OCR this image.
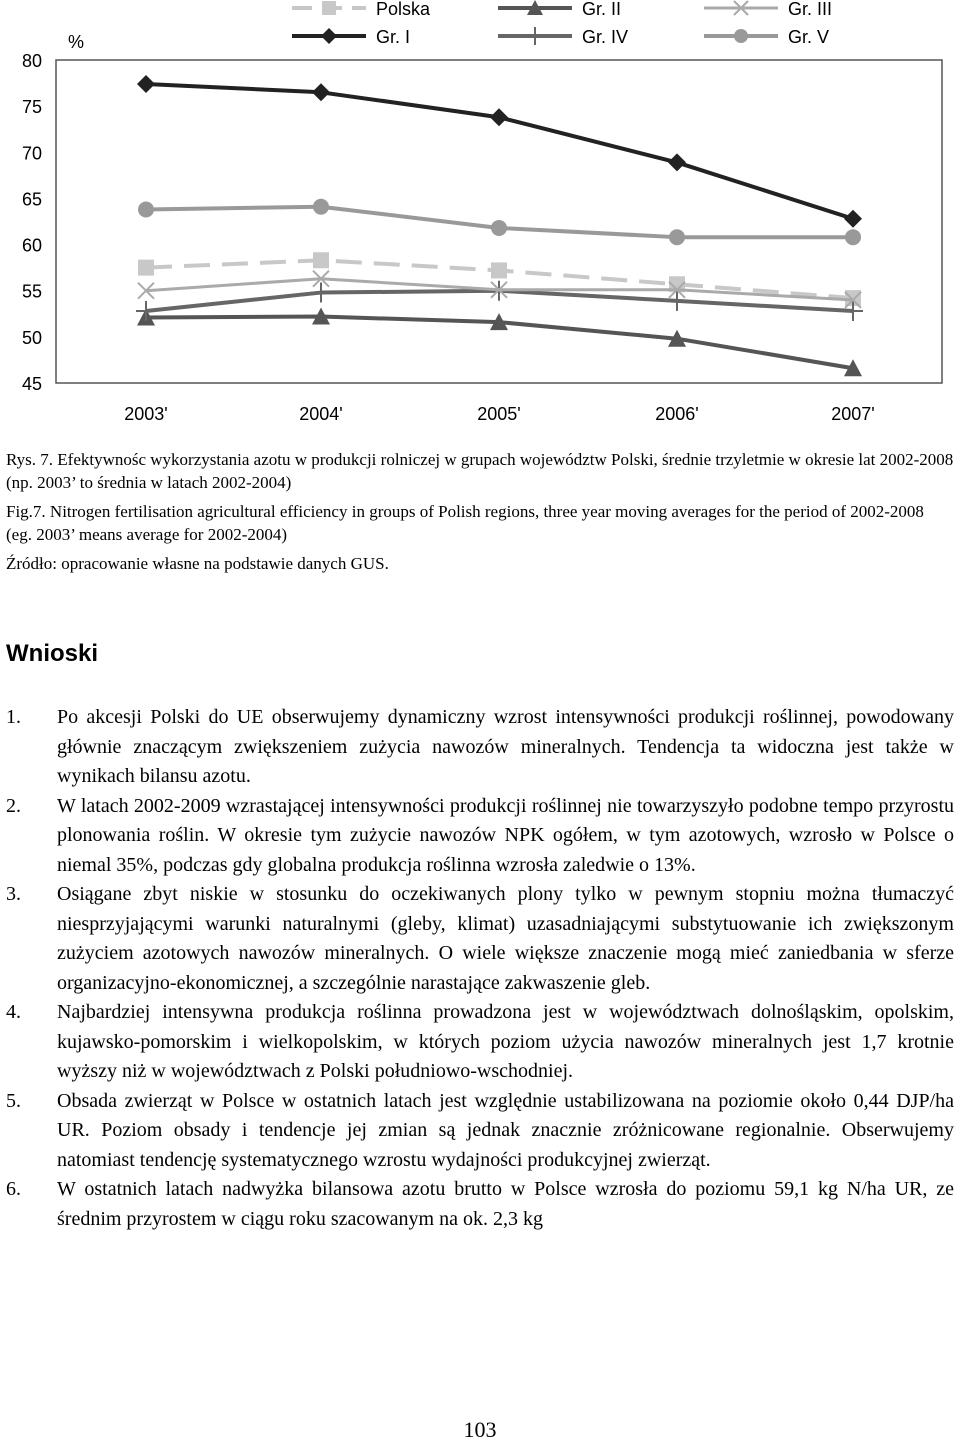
45
50
55
60
65
70
75
80
2003'	2004'	2005'	2006'	2007'
%
Polska	Gr. II	Gr. III
Gr. I	Gr. IV	Gr. V

Rys. 7. Efektywnośc wykorzystania azotu w produkcji rolniczej w grupach województw Polski, średnie trzyletmie w okresie lat 2002-2008 (np. 2003’ to średnia w latach 2002-2004)

Fig.7. Nitrogen fertilisation agricultural efficiency in groups of Polish regions, three year moving averages for the period of 2002-2008 (eg. 2003’ means average for 2002-2004)

Źródło: opracowanie własne na podstawie danych GUS.

Wnioski
1.	Po akcesji Polski do UE obserwujemy dynamiczny wzrost intensywności produkcji roślinnej, powodowany głównie znaczącym zwiększeniem zużycia nawozów mineralnych. Tendencja ta widoczna jest także w wynikach bilansu azotu.
2.	W latach 2002-2009 wzrastającej intensywności produkcji roślinnej nie towarzyszyło podobne tempo przyrostu plonowania roślin. W okresie tym zużycie nawozów NPK ogółem, w tym azotowych, wzrosło w Polsce o niemal 35%, podczas gdy globalna produkcja roślinna wzrosła zaledwie o 13%.
3.	Osiągane zbyt niskie w stosunku do oczekiwanych plony tylko w pewnym stopniu można tłumaczyć niesprzyjającymi warunki naturalnymi (gleby, klimat) uzasadniającymi substytuowanie ich zwiększonym zużyciem azotowych nawozów mineralnych. O wiele większe znaczenie mogą mieć zaniedbania w sferze organizacyjno-ekonomicznej, a szczególnie narastające zakwaszenie gleb.
4.	Najbardziej intensywna produkcja roślinna prowadzona jest w województwach dolnośląskim, opolskim, kujawsko-pomorskim i wielkopolskim, w których poziom użycia nawozów mineralnych jest 1,7 krotnie wyższy niż w województwach z Polski południowo-wschodniej.
5.	Obsada zwierząt w Polsce w ostatnich latach jest względnie ustabilizowana na poziomie około 0,44 DJP/ha UR. Poziom obsady i tendencje jej zmian są jednak znacznie zróżnicowane regionalnie. Obserwujemy natomiast tendencję systematycznego wzrostu wydajności produkcyjnej zwierząt.
6.	W ostatnich latach nadwyżka bilansowa azotu brutto w Polsce wzrosła do poziomu 59,1 kg N/ha UR, ze średnim przyrostem w ciągu roku szacowanym na ok. 2,3 kg
103
